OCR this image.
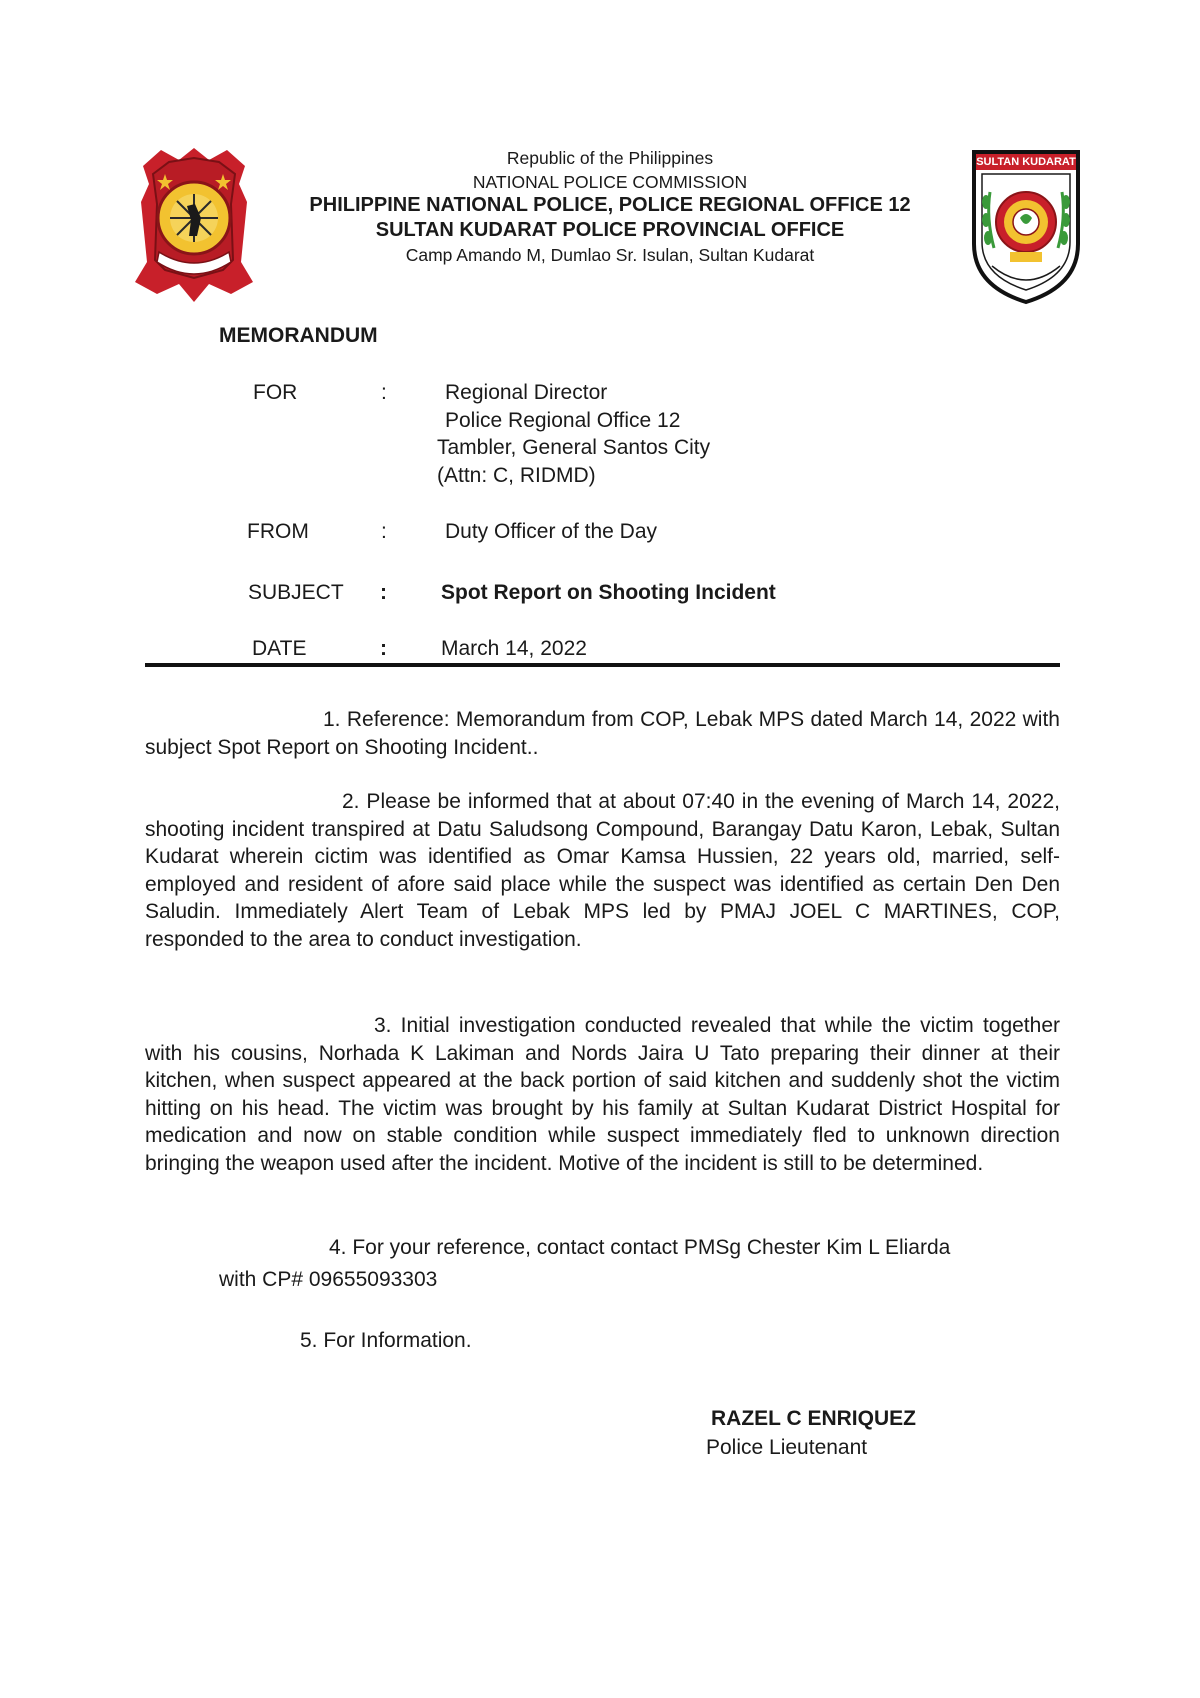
SULTAN KUDARAT
Republic of the Philippines
NATIONAL POLICE COMMISSION
PHILIPPINE NATIONAL POLICE, POLICE REGIONAL OFFICE 12
SULTAN KUDARAT POLICE PROVINCIAL OFFICE
Camp Amando M, Dumlao Sr. Isulan, Sultan Kudarat
MEMORANDUM
FOR	:	Regional Director
Police Regional Office 12
Tambler, General Santos City
(Attn: C, RIDMD)
FROM	:	Duty Officer of the Day
SUBJECT :	Spot Report on Shooting Incident
DATE	:	March 14, 2022
1. Reference: Memorandum from COP, Lebak MPS dated March 14, 2022 with subject Spot Report on Shooting Incident..
2. Please be informed that at about 07:40 in the evening of March 14, 2022, shooting incident transpired at Datu Saludsong Compound, Barangay Datu Karon, Lebak, Sultan Kudarat wherein cictim was identified as Omar Kamsa Hussien, 22 years old, married, self-employed and resident of afore said place while the suspect was identified as certain Den Den Saludin. Immediately Alert Team of Lebak MPS led by PMAJ JOEL C MARTINES, COP, responded to the area to conduct investigation.
3. Initial investigation conducted revealed that while the victim together with his cousins, Norhada K Lakiman and Nords Jaira U Tato preparing their dinner at their kitchen, when suspect appeared at the back portion of said kitchen and suddenly shot the victim hitting on his head. The victim was brought by his family at Sultan Kudarat District Hospital for medication and now on stable condition while suspect immediately fled to unknown direction bringing the weapon used after the incident. Motive of the incident is still to be determined.
4. For your reference, contact contact PMSg Chester Kim L Eliarda
with CP# 09655093303
5. For Information.
RAZEL C ENRIQUEZ
Police Lieutenant
